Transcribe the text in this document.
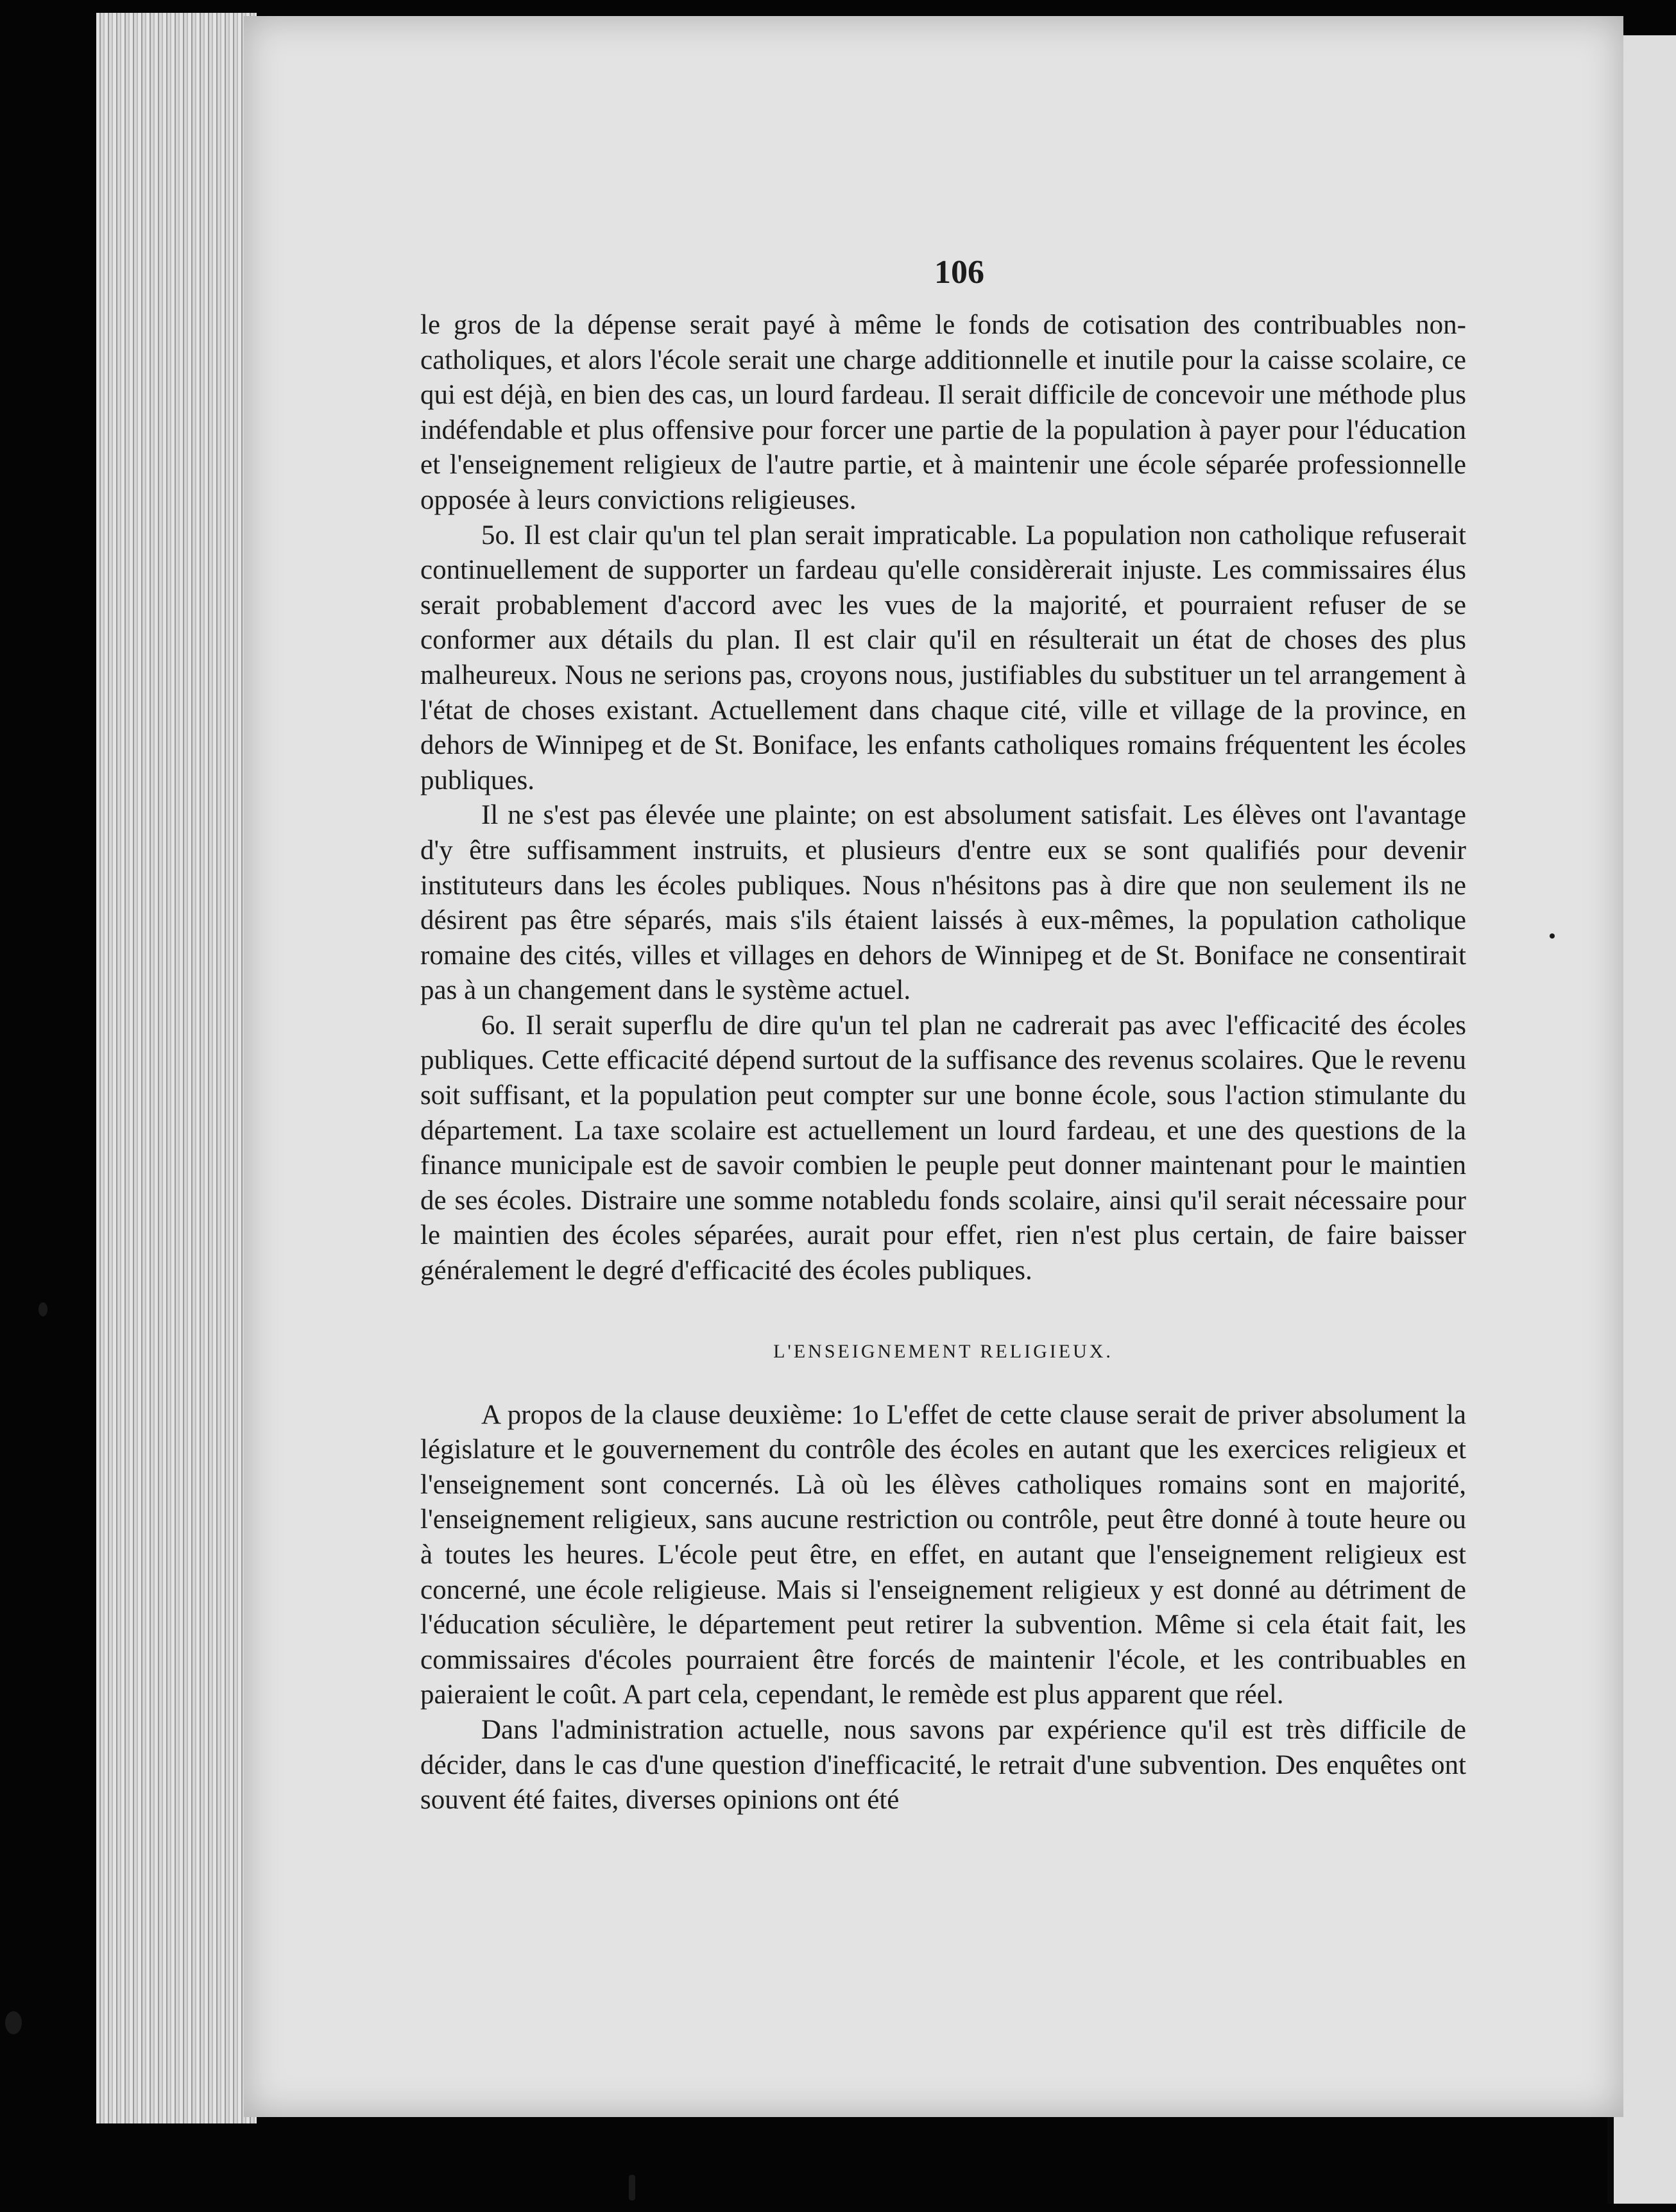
106

le gros de la dépense serait payé à même le fonds de cotisation des contribuables non-catholiques, et alors l'école serait une charge additionnelle et inutile pour la caisse scolaire, ce qui est déjà, en bien des cas, un lourd fardeau. Il serait difficile de concevoir une méthode plus indéfendable et plus offensive pour forcer une partie de la population à payer pour l'éducation et l'enseignement religieux de l'autre partie, et à maintenir une école séparée professionnelle opposée à leurs convictions religieuses.

5o. Il est clair qu'un tel plan serait impraticable. La population non catholique refuserait continuellement de supporter un fardeau qu'elle considèrerait injuste. Les commissaires élus serait probablement d'accord avec les vues de la majorité, et pourraient refuser de se conformer aux détails du plan. Il est clair qu'il en résulterait un état de choses des plus malheureux. Nous ne serions pas, croyons nous, justifiables du substituer un tel arrangement à l'état de choses existant. Actuellement dans chaque cité, ville et village de la province, en dehors de Winnipeg et de St. Boniface, les enfants catholiques romains fréquentent les écoles publiques.

Il ne s'est pas élevée une plainte; on est absolument satisfait. Les élèves ont l'avantage d'y être suffisamment instruits, et plusieurs d'entre eux se sont qualifiés pour devenir instituteurs dans les écoles publiques. Nous n'hésitons pas à dire que non seulement ils ne désirent pas être séparés, mais s'ils étaient laissés à eux-mêmes, la population catholique romaine des cités, villes et villages en dehors de Winnipeg et de St. Boniface ne consentirait pas à un changement dans le système actuel.

6o. Il serait superflu de dire qu'un tel plan ne cadrerait pas avec l'efficacité des écoles publiques. Cette efficacité dépend surtout de la suffisance des revenus scolaires. Que le revenu soit suffisant, et la population peut compter sur une bonne école, sous l'action stimulante du département. La taxe scolaire est actuellement un lourd fardeau, et une des questions de la finance municipale est de savoir combien le peuple peut donner maintenant pour le maintien de ses écoles. Distraire une somme notabledu fonds scolaire, ainsi qu'il serait nécessaire pour le maintien des écoles séparées, aurait pour effet, rien n'est plus certain, de faire baisser généralement le degré d'efficacité des écoles publiques.

L'ENSEIGNEMENT RELIGIEUX.

A propos de la clause deuxième: 1o L'effet de cette clause serait de priver absolument la législature et le gouvernement du contrôle des écoles en autant que les exercices religieux et l'enseignement sont concernés. Là où les élèves catholiques romains sont en majorité, l'enseignement religieux, sans aucune restriction ou contrôle, peut être donné à toute heure ou à toutes les heures. L'école peut être, en effet, en autant que l'enseignement religieux est concerné, une école religieuse. Mais si l'enseignement religieux y est donné au détriment de l'éducation séculière, le département peut retirer la subvention. Même si cela était fait, les commissaires d'écoles pourraient être forcés de maintenir l'école, et les contribuables en paieraient le coût. A part cela, cependant, le remède est plus apparent que réel.

Dans l'administration actuelle, nous savons par expérience qu'il est très difficile de décider, dans le cas d'une question d'inefficacité, le retrait d'une subvention. Des enquêtes ont souvent été faites, diverses opinions ont été
